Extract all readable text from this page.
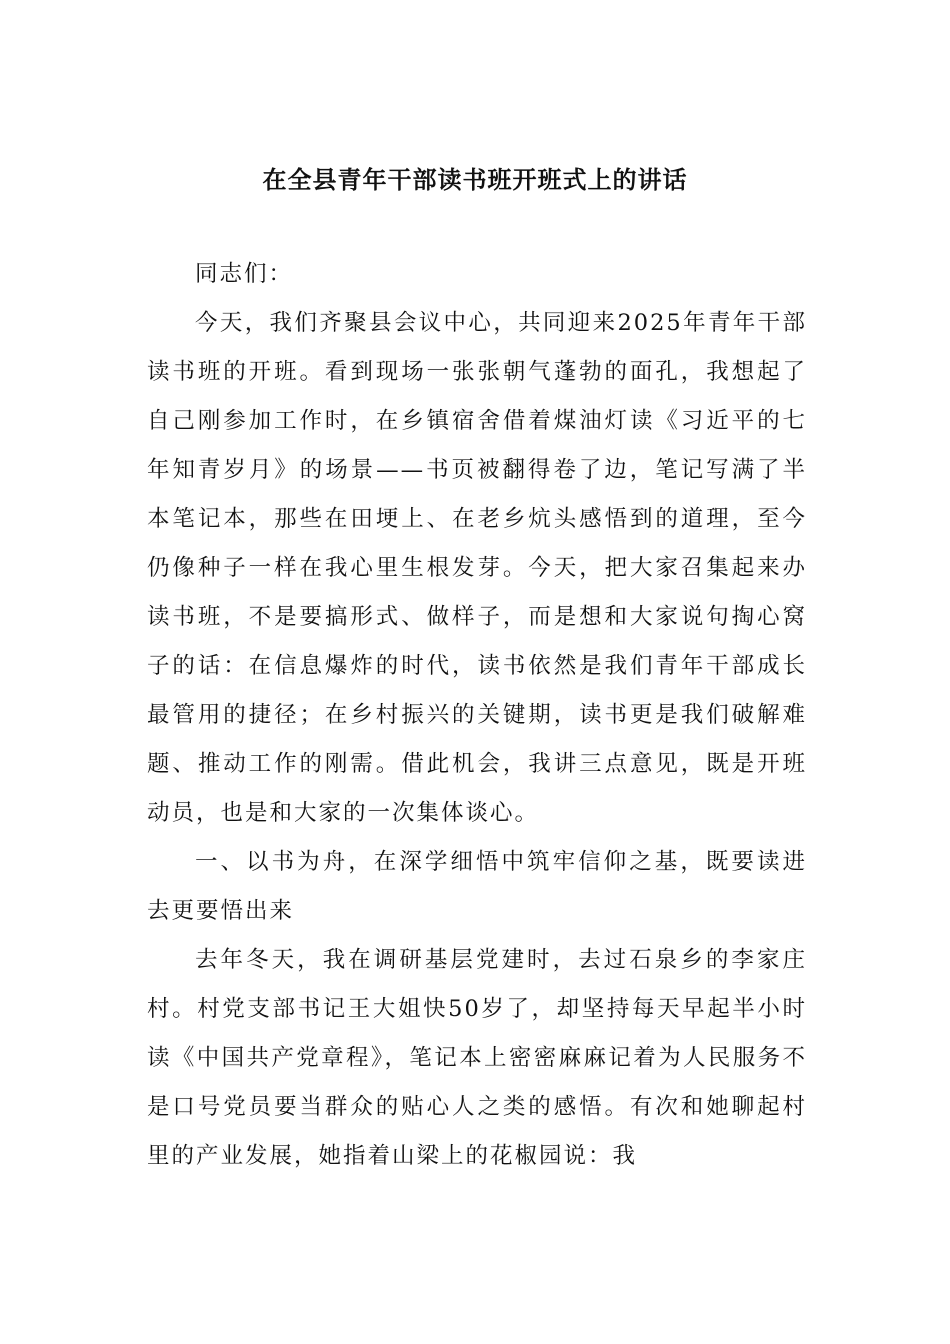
在全县青年干部读书班开班式上的讲话

同志们：

今天，我们齐聚县会议中心，共同迎来2025年青年干部读书班的开班。看到现场一张张朝气蓬勃的面孔，我想起了自己刚参加工作时，在乡镇宿舍借着煤油灯读《习近平的七年知青岁月》的场景——书页被翻得卷了边，笔记写满了半本笔记本，那些在田埂上、在老乡炕头感悟到的道理，至今仍像种子一样在我心里生根发芽。今天，把大家召集起来办读书班，不是要搞形式、做样子，而是想和大家说句掏心窝子的话：在信息爆炸的时代，读书依然是我们青年干部成长最管用的捷径；在乡村振兴的关键期，读书更是我们破解难题、推动工作的刚需。借此机会，我讲三点意见，既是开班动员，也是和大家的一次集体谈心。

一、以书为舟，在深学细悟中筑牢信仰之基，既要读进去更要悟出来

去年冬天，我在调研基层党建时，去过石泉乡的李家庄村。村党支部书记王大姐快50岁了，却坚持每天早起半小时读《中国共产党章程》，笔记本上密密麻麻记着为人民服务不是口号党员要当群众的贴心人之类的感悟。有次和她聊起村里的产业发展，她指着山梁上的花椒园说：我
